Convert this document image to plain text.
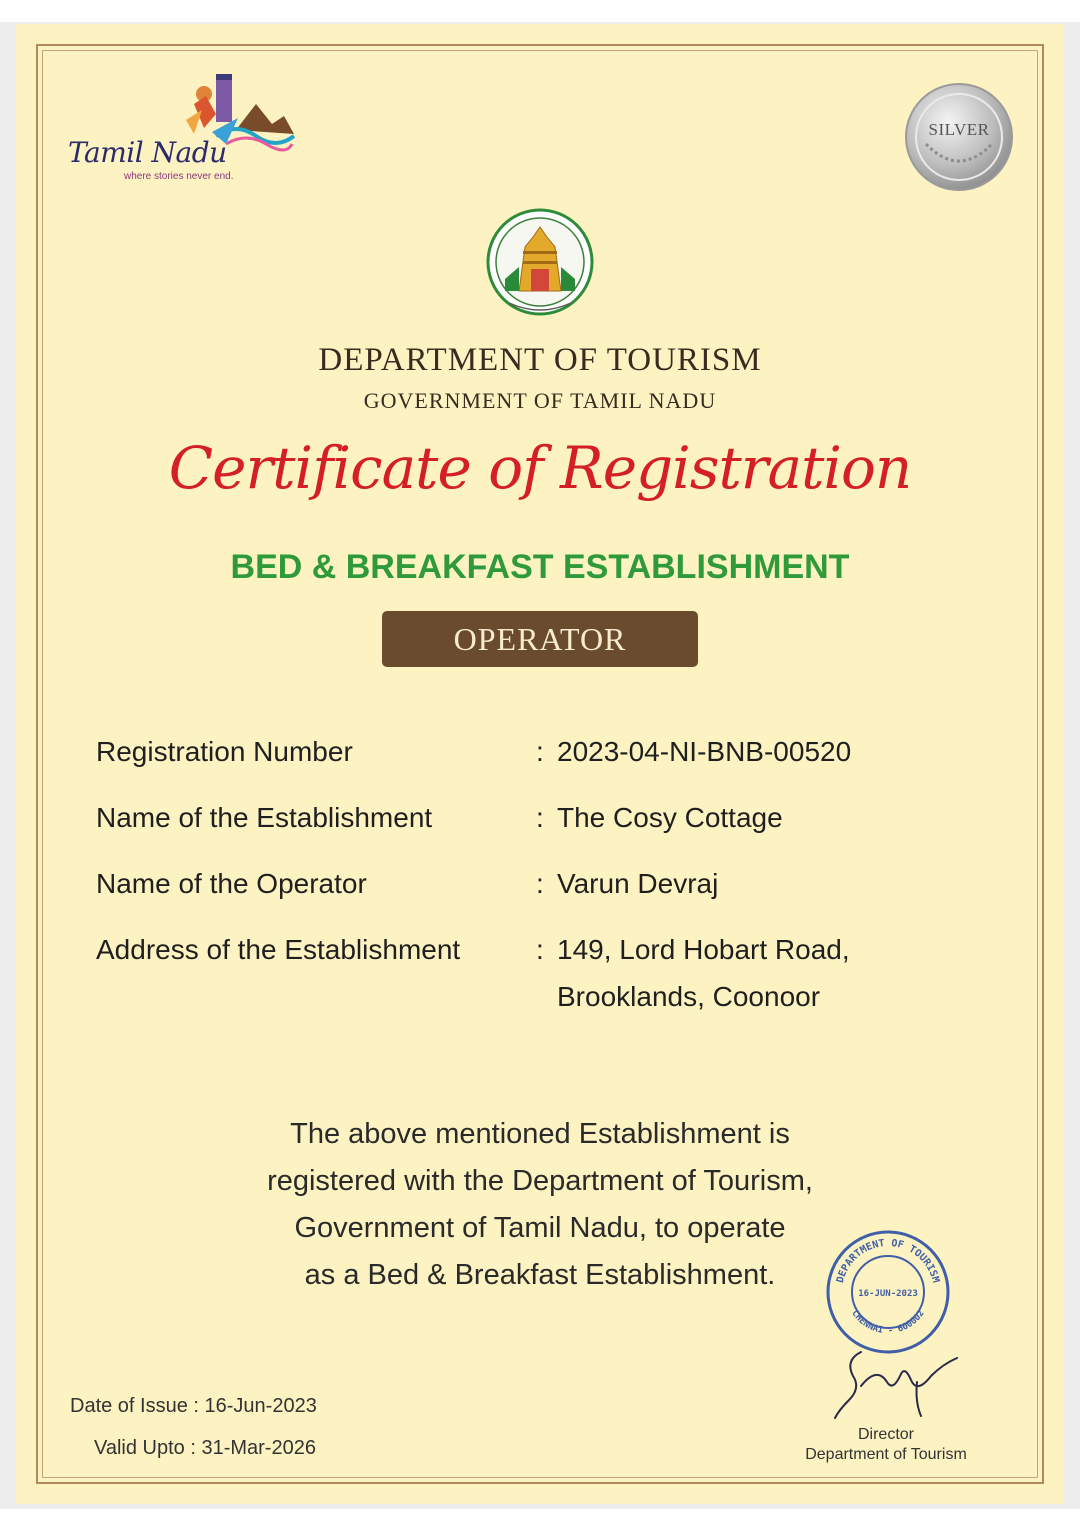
Tamil Nadu
where stories never end.
SILVER
DEPARTMENT OF TOURISM
GOVERNMENT OF TAMIL NADU
Certificate of Registration
BED & BREAKFAST ESTABLISHMENT
OPERATOR
Registration Number	: 2023-04-NI-BNB-00520
Name of the Establishment	: The Cosy Cottage
Name of the Operator	: Varun Devraj
Address of the Establishment	: 149, Lord Hobart Road,
Brooklands, Coonoor
The above mentioned Establishment is
registered with the Department of Tourism,
Government of Tamil Nadu, to operate
as a Bed & Breakfast Establishment.	DEPARTMENT OF TOURISM
CHENNAI - 600002
16-JUN-2023
Director
Department of Tourism
Date of Issue : 16-Jun-2023
Valid Upto : 31-Mar-2026
